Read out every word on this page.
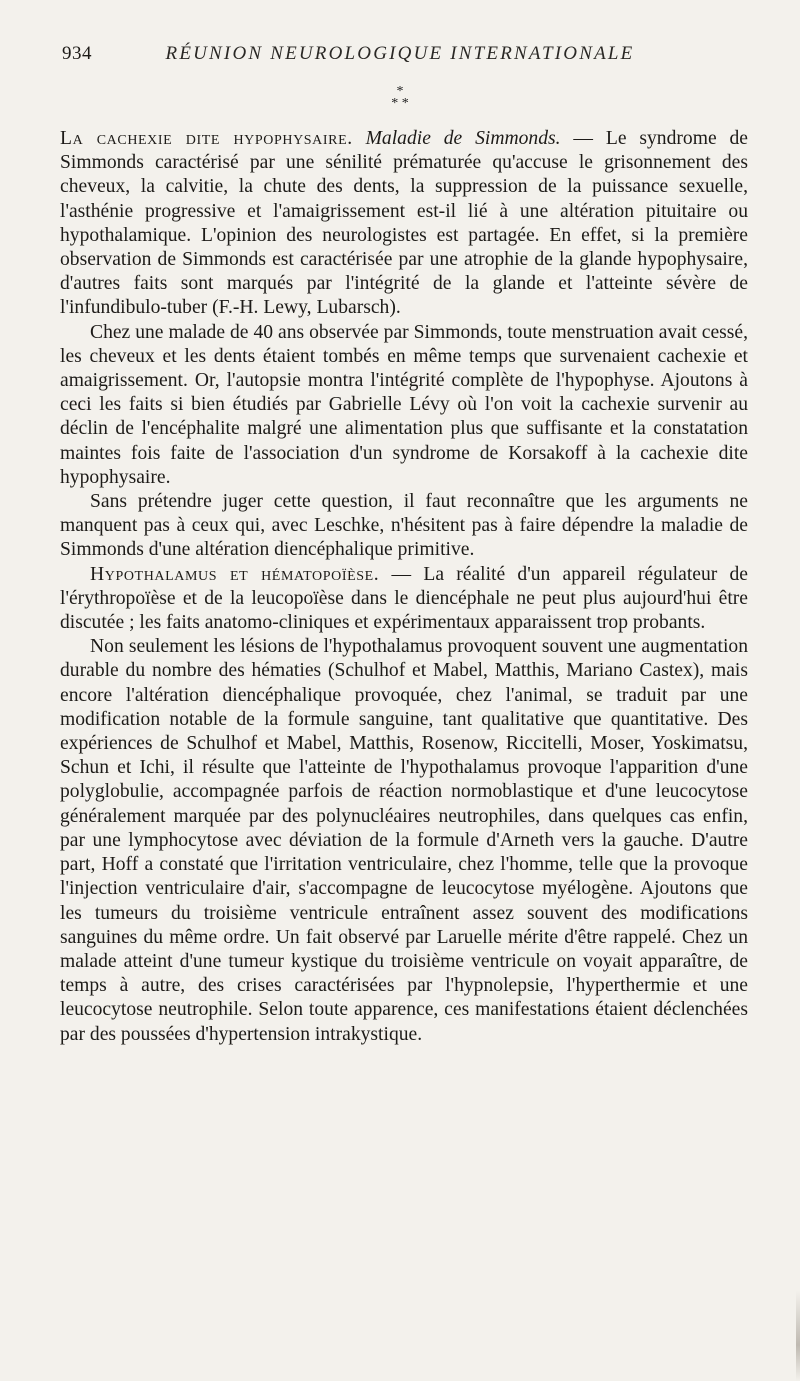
934	RÉUNION NEUROLOGIQUE INTERNATIONALE
*
* *

La cachexie dite hypophysaire. Maladie de Simmonds. — Le syndrome de Simmonds caractérisé par une sénilité prématurée qu'accuse le grisonnement des cheveux, la calvitie, la chute des dents, la suppression de la puissance sexuelle, l'asthénie progressive et l'amaigrissement est-il lié à une altération pituitaire ou hypothalamique. L'opinion des neurologistes est partagée. En effet, si la première observation de Simmonds est caractérisée par une atrophie de la glande hypophysaire, d'autres faits sont marqués par l'intégrité de la glande et l'atteinte sévère de l'infundibulo-tuber (F.-H. Lewy, Lubarsch).

Chez une malade de 40 ans observée par Simmonds, toute menstruation avait cessé, les cheveux et les dents étaient tombés en même temps que survenaient cachexie et amaigrissement. Or, l'autopsie montra l'intégrité complète de l'hypophyse. Ajoutons à ceci les faits si bien étudiés par Gabrielle Lévy où l'on voit la cachexie survenir au déclin de l'encéphalite malgré une alimentation plus que suffisante et la constatation maintes fois faite de l'association d'un syndrome de Korsakoff à la cachexie dite hypophysaire.

Sans prétendre juger cette question, il faut reconnaître que les arguments ne manquent pas à ceux qui, avec Leschke, n'hésitent pas à faire dépendre la maladie de Simmonds d'une altération diencéphalique primitive.

Hypothalamus et hématopoïèse. — La réalité d'un appareil régulateur de l'érythropoïèse et de la leucopoïèse dans le diencéphale ne peut plus aujourd'hui être discutée ; les faits anatomo-cliniques et expérimentaux apparaissent trop probants.

Non seulement les lésions de l'hypothalamus provoquent souvent une augmentation durable du nombre des hématies (Schulhof et Mabel, Matthis, Mariano Castex), mais encore l'altération diencéphalique provoquée, chez l'animal, se traduit par une modification notable de la formule sanguine, tant qualitative que quantitative. Des expériences de Schulhof et Mabel, Matthis, Rosenow, Riccitelli, Moser, Yoskimatsu, Schun et Ichi, il résulte que l'atteinte de l'hypothalamus provoque l'apparition d'une polyglobulie, accompagnée parfois de réaction normoblastique et d'une leucocytose généralement marquée par des polynucléaires neutrophiles, dans quelques cas enfin, par une lymphocytose avec déviation de la formule d'Arneth vers la gauche. D'autre part, Hoff a constaté que l'irritation ventriculaire, chez l'homme, telle que la provoque l'injection ventriculaire d'air, s'accompagne de leucocytose myélogène. Ajoutons que les tumeurs du troisième ventricule entraînent assez souvent des modifications sanguines du même ordre. Un fait observé par Laruelle mérite d'être rappelé. Chez un malade atteint d'une tumeur kystique du troisième ventricule on voyait apparaître, de temps à autre, des crises caractérisées par l'hypnolepsie, l'hyperthermie et une leucocytose neutrophile. Selon toute apparence, ces manifestations étaient déclenchées par des poussées d'hypertension intrakystique.
